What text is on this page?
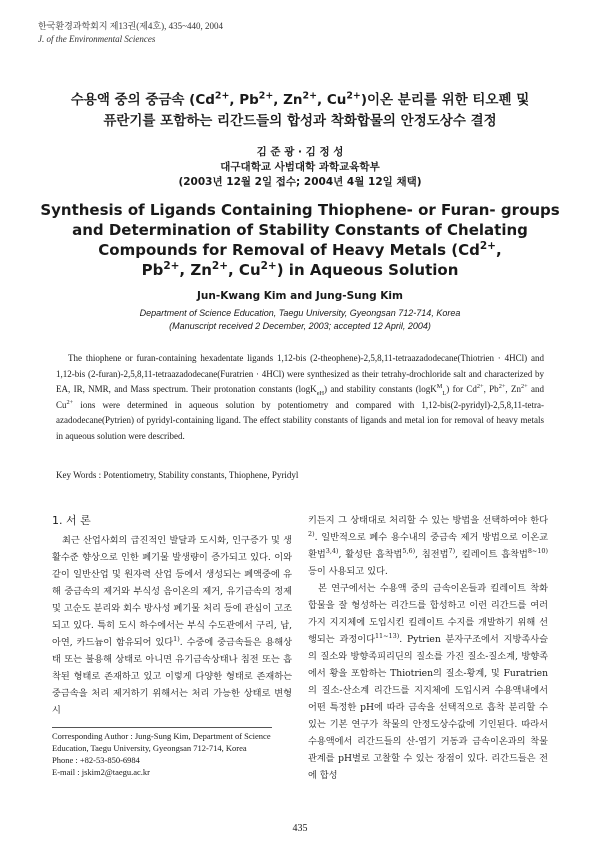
한국환경과학회지 제13권(제4호), 435~440, 2004
J. of the Environmental Sciences
수용액 중의 중금속 ($Cd^{2+}$, $Pb^{2+}$, $Zn^{2+}$, $Cu^{2+}$)이온 분리를 위한 티오펜 및
퓨란기를 포함하는 리간드들의 합성과 착화합물의 안정도상수 결정
김 준 광 · 김 정 성
대구대학교 사범대학 과학교육학부
(2003년 12월 2일 접수; 2004년 4월 12일 채택)
Synthesis of Ligands Containing Thiophene- or Furan- groups
and Determination of Stability Constants of Chelating
Compounds for Removal of Heavy Metals ($Cd^{2+}$,
$Pb^{2+}$, $Zn^{2+}$, $Cu^{2+}$) in Aqueous Solution
Jun-Kwang Kim and Jung-Sung Kim
Department of Science Education, Taegu University, Gyeongsan 712-714, Korea
(Manuscript received 2 December, 2003; accepted 12 April, 2004)
The thiophene or furan-containing hexadentate ligands 1,12-bis (2-theophene)-2,5,8,11-tetraazadodecane(Thiotrien · 4HCl) and 1,12-bis (2-furan)-2,5,8,11-tetraazadodecane(Furatrien · 4HCl) were synthesized as their tetrahy-drochloride salt and characterized by EA, IR, NMR, and Mass spectrum. Their protonation constants (logK$_{eH}$) and stability constants (logK$^M_L$) for $Cd^{2+}$, $Pb^{2+}$, $Zn^{2+}$ and $Cu^{2+}$ ions were determined in aqueous solution by potentiometry and compared with 1,12-bis(2-pyridyl)-2,5,8,11-tetra-azadodecane(Pytrien) of pyridyl-containing ligand. The effect stability constants of ligands and metal ion for removal of heavy metals in aqueous solution were described.
Key Words : Potentiometry, Stability constants, Thiophene, Pyridyl
1. 서 론

최근 산업사회의 급진적인 발달과 도시화, 인구증가 및 생활수준 향상으로 인한 폐기물 발생량이 증가되고 있다. 이와 같이 일반산업 및 원자력 산업 등에서 생성되는 폐액중에 유해 중금속의 제거와 부식성 음이온의 제거, 유기금속의 정제 및 고순도 분리와 회수 방사성 폐기물 처리 등에 관심이 고조되고 있다. 특히 도시 하수에서는 부식 수도관에서 구리, 납, 아연, 카드늄이 함유되어 있다$^{1)}$. 수중에 중금속들은 용해상태 또는 불용해 상태로 아니면 유기금속상태나 침전 또는 흡착된 형태로 존재하고 있고 이렇게 다양한 형태로 존재하는 중금속을 처리 제거하기 위해서는 처리 가능한 상태로 변형시

키든지 그 상태대로 처리할 수 있는 방법을 선택하여야 한다$^{2)}$. 일반적으로 폐수 용수내의 중금속 제거 방법으로 이온교환법$^{3,4)}$, 활성탄 흡착법$^{5,6)}$, 침전법$^{7)}$, 킬레이트 흡착법$^{8\sim 10)}$ 등이 사용되고 있다.

본 연구에서는 수용액 중의 금속이온들과 킬레이트 착화합물을 잘 형성하는 리간드를 합성하고 이런 리간드를 여러 가지 지지체에 도입시킨 킬레이트 수지를 개발하기 위해 선행되는 과정이다$^{11\sim 13)}$. Pytrien 분자구조에서 지방족사슬의 질소와 방향족피리딘의 질소를 가진 질소-질소계, 방향족에서 황을 포함하는 Thiotrien의 질소-황계, 및 Furatrien의 질소-산소계 리간드를 지지체에 도입시켜 수용액내에서 어떤 특정한 pH에 따라 금속을 선택적으로 흡착 분리할 수 있는 기본 연구가 착물의 안정도상수값에 기인된다. 따라서 수용액에서 리간드들의 산-염기 거동과 금속이온과의 착물 관계를 pH별로 고찰할 수 있는 장점이 있다. 리간드들은 전에 합성

Corresponding Author : Jung-Sung Kim, Department of Science
Education, Taegu University, Gyeongsan 712-714, Korea
Phone : +82-53-850-6984
E-mail : jskim2@taegu.ac.kr
435
